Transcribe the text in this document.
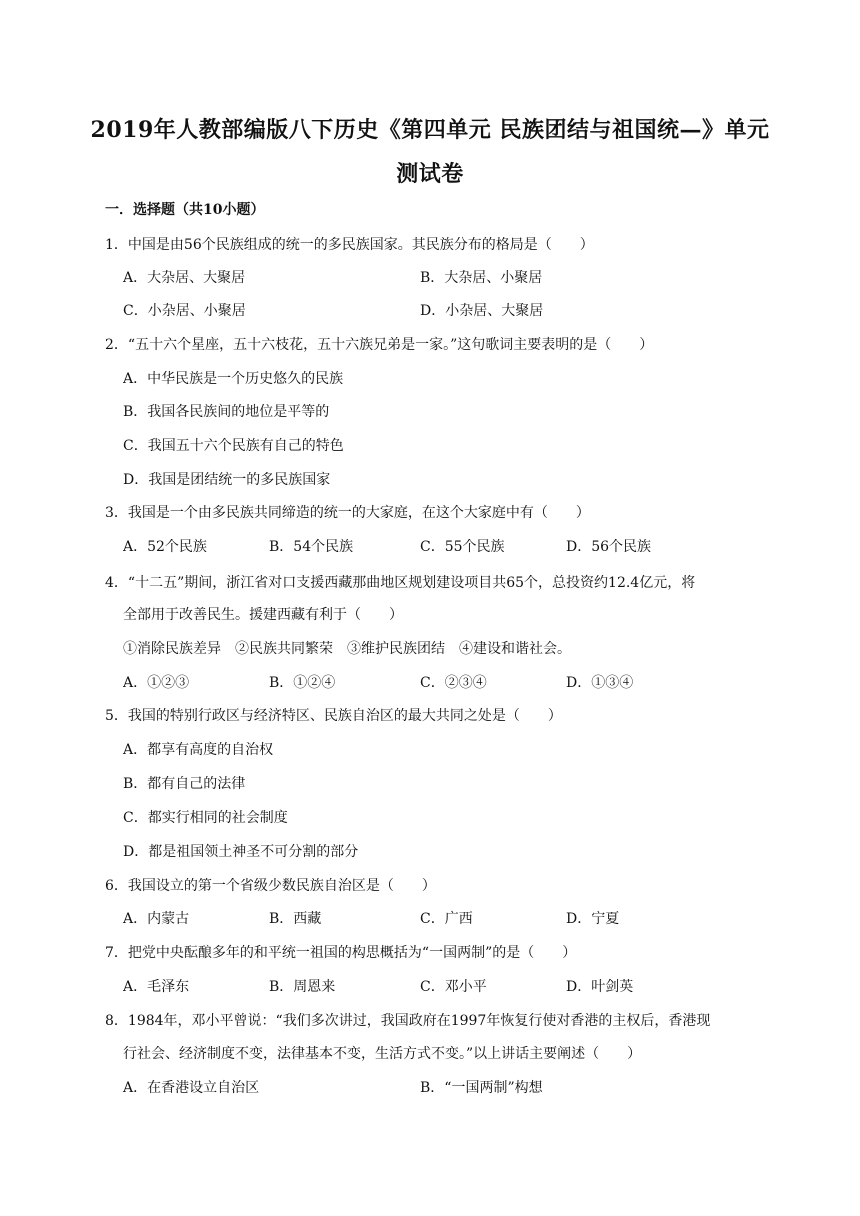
2019年人教部编版八下历史《第四单元 民族团结与祖国统—》单元
测试卷
一．选择题（共10小题）
1．中国是由56个民族组成的统一的多民族国家。其民族分布的格局是（　　）
A．大杂居、大聚居	B．大杂居、小聚居
C．小杂居、小聚居	D．小杂居、大聚居
2．“五十六个星座，五十六枝花，五十六族兄弟是一家。”这句歌词主要表明的是（　　）
A．中华民族是一个历史悠久的民族
B．我国各民族间的地位是平等的
C．我国五十六个民族有自己的特色
D．我国是团结统一的多民族国家
3．我国是一个由多民族共同缔造的统一的大家庭，在这个大家庭中有（　　）
A．52个民族	B．54个民族	C．55个民族	D．56个民族
4．“十二五”期间，浙江省对口支援西藏那曲地区规划建设项目共65个，总投资约12.4亿元，将
全部用于改善民生。援建西藏有利于（　　）
①消除民族差异　②民族共同繁荣　③维护民族团结　④建设和谐社会。
A．①②③	B．①②④	C．②③④	D．①③④
5．我国的特别行政区与经济特区、民族自治区的最大共同之处是（　　）
A．都享有高度的自治权
B．都有自己的法律
C．都实行相同的社会制度
D．都是祖国领土神圣不可分割的部分
6．我国设立的第一个省级少数民族自治区是（　　）
A．内蒙古	B．西藏	C．广西	D．宁夏
7．把党中央酝酿多年的和平统一祖国的构思概括为“一国两制”的是（　　）
A．毛泽东	B．周恩来	C．邓小平	D．叶剑英
8．1984年，邓小平曾说：“我们多次讲过，我国政府在1997年恢复行使对香港的主权后，香港现
行社会、经济制度不变，法律基本不变，生活方式不变。”以上讲话主要阐述（　　）
A．在香港设立自治区	B．“一国两制”构想
